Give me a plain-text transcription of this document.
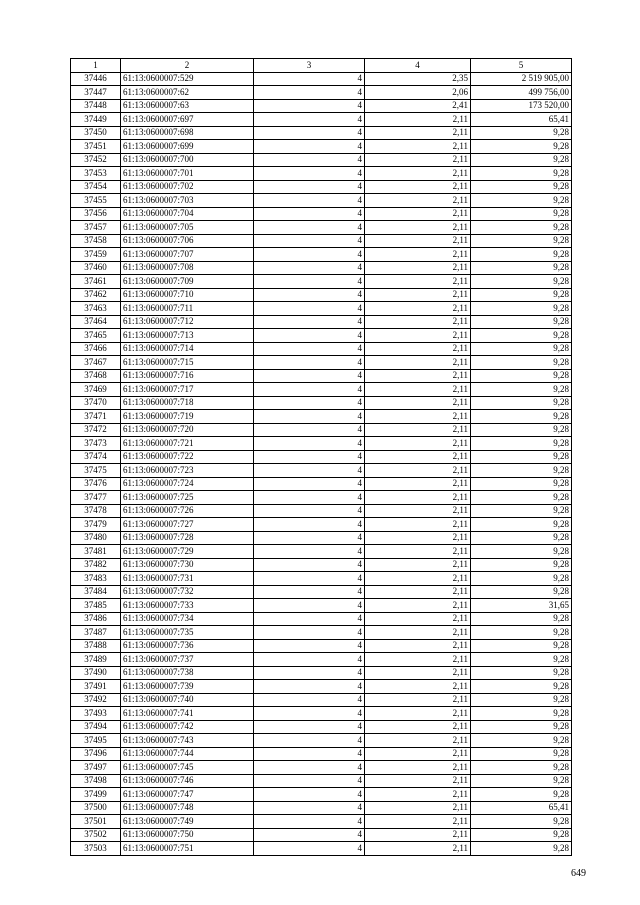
1	2	3	4	5
37446	61:13:0600007:529	4	2,35	2 519 905,00
37447	61:13:0600007:62	4	2,06	499 756,00
37448	61:13:0600007:63	4	2,41	173 520,00
37449	61:13:0600007:697	4	2,11	65,41
37450	61:13:0600007:698	4	2,11	9,28
37451	61:13:0600007:699	4	2,11	9,28
37452	61:13:0600007:700	4	2,11	9,28
37453	61:13:0600007:701	4	2,11	9,28
37454	61:13:0600007:702	4	2,11	9,28
37455	61:13:0600007:703	4	2,11	9,28
37456	61:13:0600007:704	4	2,11	9,28
37457	61:13:0600007:705	4	2,11	9,28
37458	61:13:0600007:706	4	2,11	9,28
37459	61:13:0600007:707	4	2,11	9,28
37460	61:13:0600007:708	4	2,11	9,28
37461	61:13:0600007:709	4	2,11	9,28
37462	61:13:0600007:710	4	2,11	9,28
37463	61:13:0600007:711	4	2,11	9,28
37464	61:13:0600007:712	4	2,11	9,28
37465	61:13:0600007:713	4	2,11	9,28
37466	61:13:0600007:714	4	2,11	9,28
37467	61:13:0600007:715	4	2,11	9,28
37468	61:13:0600007:716	4	2,11	9,28
37469	61:13:0600007:717	4	2,11	9,28
37470	61:13:0600007:718	4	2,11	9,28
37471	61:13:0600007:719	4	2,11	9,28
37472	61:13:0600007:720	4	2,11	9,28
37473	61:13:0600007:721	4	2,11	9,28
37474	61:13:0600007:722	4	2,11	9,28
37475	61:13:0600007:723	4	2,11	9,28
37476	61:13:0600007:724	4	2,11	9,28
37477	61:13:0600007:725	4	2,11	9,28
37478	61:13:0600007:726	4	2,11	9,28
37479	61:13:0600007:727	4	2,11	9,28
37480	61:13:0600007:728	4	2,11	9,28
37481	61:13:0600007:729	4	2,11	9,28
37482	61:13:0600007:730	4	2,11	9,28
37483	61:13:0600007:731	4	2,11	9,28
37484	61:13:0600007:732	4	2,11	9,28
37485	61:13:0600007:733	4	2,11	31,65
37486	61:13:0600007:734	4	2,11	9,28
37487	61:13:0600007:735	4	2,11	9,28
37488	61:13:0600007:736	4	2,11	9,28
37489	61:13:0600007:737	4	2,11	9,28
37490	61:13:0600007:738	4	2,11	9,28
37491	61:13:0600007:739	4	2,11	9,28
37492	61:13:0600007:740	4	2,11	9,28
37493	61:13:0600007:741	4	2,11	9,28
37494	61:13:0600007:742	4	2,11	9,28
37495	61:13:0600007:743	4	2,11	9,28
37496	61:13:0600007:744	4	2,11	9,28
37497	61:13:0600007:745	4	2,11	9,28
37498	61:13:0600007:746	4	2,11	9,28
37499	61:13:0600007:747	4	2,11	9,28
37500	61:13:0600007:748	4	2,11	65,41
37501	61:13:0600007:749	4	2,11	9,28
37502	61:13:0600007:750	4	2,11	9,28
37503	61:13:0600007:751	4	2,11	9,28
649
